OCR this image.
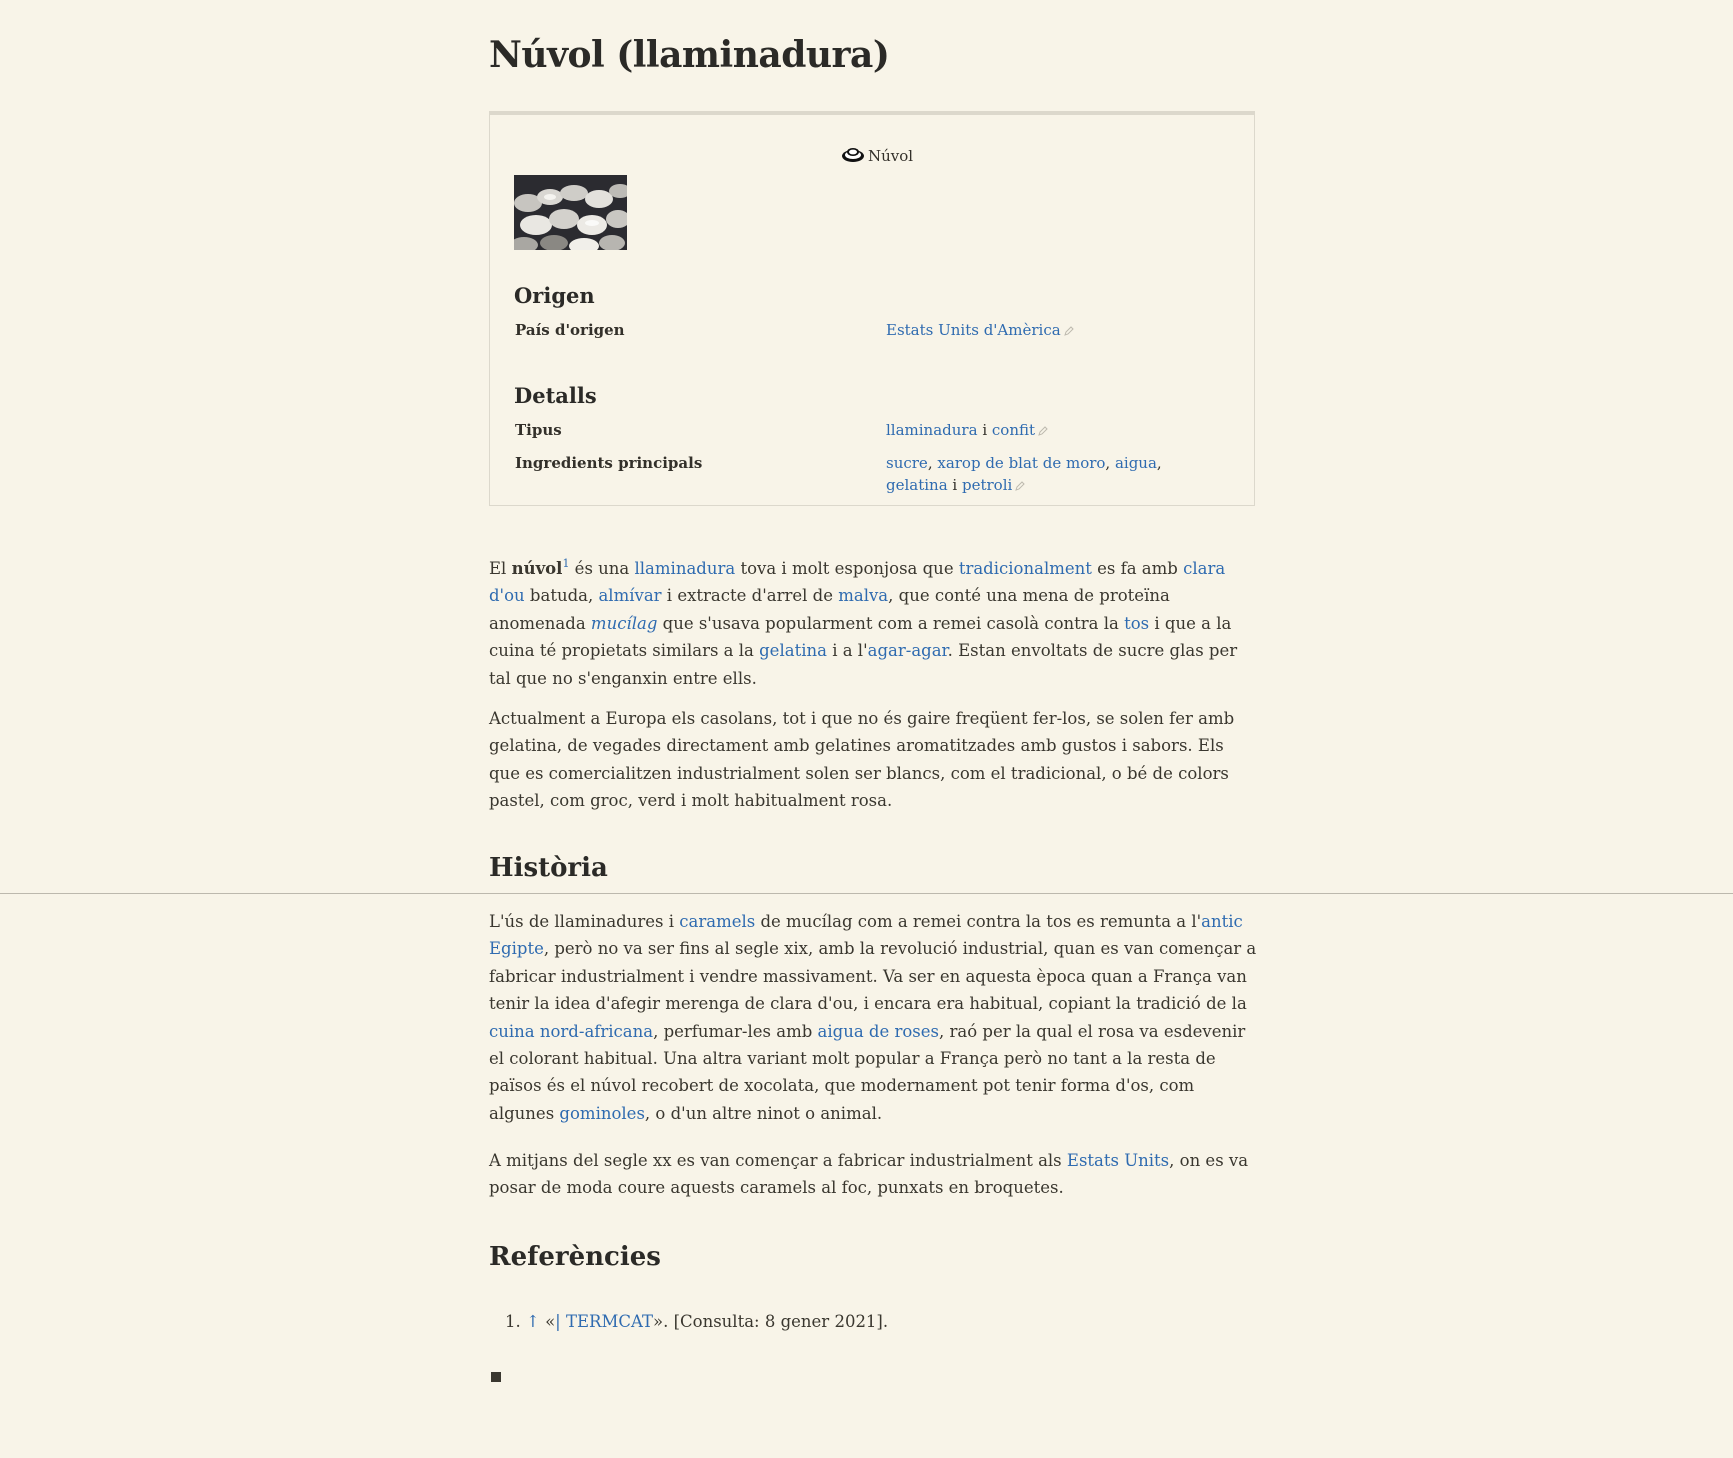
Núvol (llaminadura)
Núvol
Origen
País d'origen	Estats Units d'Amèrica
Detalls
Tipus	llaminadura i confit
Ingredients principals	sucre, xarop de blat de moro, aigua, gelatina i petroli

El núvol$^1$ és una llaminadura tova i molt esponjosa que tradicionalment es fa amb clara d'ou batuda, almívar i extracte d'arrel de malva, que conté una mena de proteïna anomenada mucílag que s'usava popularment com a remei casolà contra la tos i que a la cuina té propietats similars a la gelatina i a l'agar-agar. Estan envoltats de sucre glas per tal que no s'enganxin entre ells.

Actualment a Europa els casolans, tot i que no és gaire freqüent fer-los, se solen fer amb gelatina, de vegades directament amb gelatines aromatitzades amb gustos i sabors. Els que es comercialitzen industrialment solen ser blancs, com el tradicional, o bé de colors pastel, com groc, verd i molt habitualment rosa.

Història

L'ús de llaminadures i caramels de mucílag com a remei contra la tos es remunta a l'antic Egipte, però no va ser fins al segle xix, amb la revolució industrial, quan es van començar a fabricar industrialment i vendre massivament. Va ser en aquesta època quan a França van tenir la idea d'afegir merenga de clara d'ou, i encara era habitual, copiant la tradició de la cuina nord-africana, perfumar-les amb aigua de roses, raó per la qual el rosa va esdevenir el colorant habitual. Una altra variant molt popular a França però no tant a la resta de països és el núvol recobert de xocolata, que modernament pot tenir forma d'os, com algunes gominoles, o d'un altre ninot o animal.

A mitjans del segle xx es van començar a fabricar industrialment als Estats Units, on es va posar de moda coure aquests caramels al foc, punxats en broquetes.

Referències
1. ↑ «| TERMCAT». [Consulta: 8 gener 2021].
